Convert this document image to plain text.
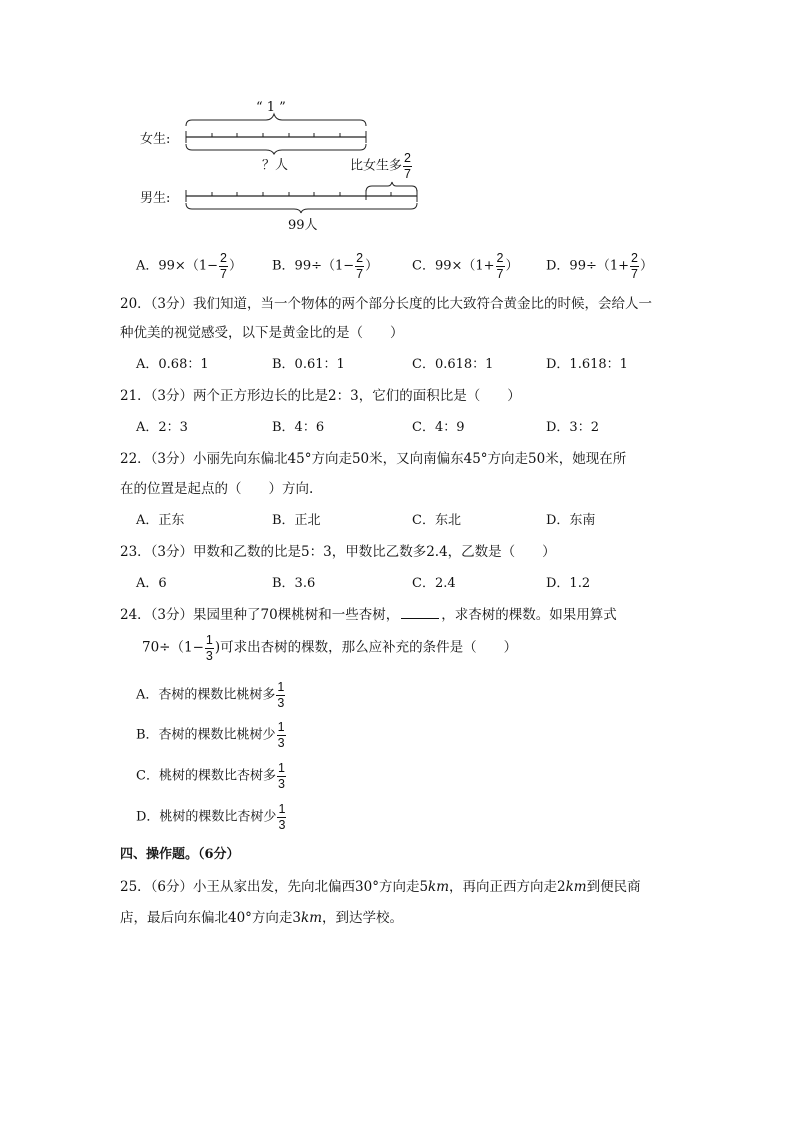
“ 1 ”
女生:
？人
男生:
比女生多 $\frac{2}{7}$
99人
A．$99\times(1- \frac{2}{7}$ ） B．$99\div(1- \frac{2}{7}$ ）	C．$99\times(1+ \frac{2}{7}$ ） D．$99\div(1+ \frac{2}{7}$ ）
20．（3分）我们知道，当一个物体的两个部分长度的比大致符合黄金比的时候，会给人一
种优美的视觉感受，以下是黄金比的是（　　）
A．0.68：1	B．0.61：1	C．0.618：1	D．1.618：1
21．（3分）两个正方形边长的比是2：3，它们的面积比是（　　）
A．2：3	B．4：6	C．4：9	D．3：2
22．（3分）小丽先向东偏北45°方向走50米，又向南偏东45°方向走50米，她现在所
在的位置是起点的（　　）方向.
A．正东	B．正北	C．东北	D．东南
23．（3分）甲数和乙数的比是5：3，甲数比乙数多2.4，乙数是（　　）
A．6	B．3.6	C．2.4	D．1.2
24．（3分）果园里种了70棵桃树和一些杏树，	，求杏树的棵数。如果用算式
$70\div(1- \frac{1}{3}$ )可求出杏树的棵数，那么应补充的条件是（　　）
A．杏树的棵数比桃树多 $\frac{1}{3}$
B．杏树的棵数比桃树少 $\frac{1}{3}$
C．桃树的棵数比杏树多 $\frac{1}{3}$
D．桃树的棵数比杏树少 $\frac{1}{3}$
四、操作题。（6分）
25．（6分）小王从家出发，先向北偏西30°方向走5km，再向正西方向走2km到便民商
店，最后向东偏北40°方向走3km，到达学校。
